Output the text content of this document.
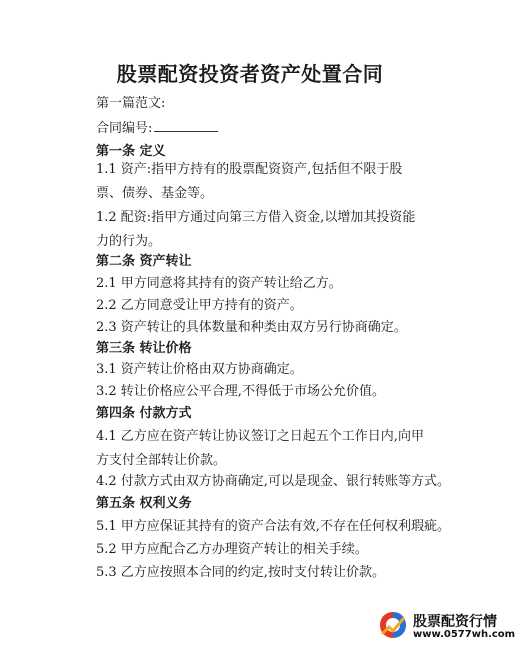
股票配资投资者资产处置合同
第一篇范文:
合同编号:
第一条 定义
1.1 资产:指甲方持有的股票配资资产,包括但不限于股票、债券、基金等。
1.2 配资:指甲方通过向第三方借入资金,以增加其投资能力的行为。
第二条 资产转让
2.1 甲方同意将其持有的资产转让给乙方。
2.2 乙方同意受让甲方持有的资产。
2.3 资产转让的具体数量和种类由双方另行协商确定。
第三条 转让价格
3.1 资产转让价格由双方协商确定。
3.2 转让价格应公平合理,不得低于市场公允价值。
第四条 付款方式
4.1 乙方应在资产转让协议签订之日起五个工作日内,向甲方支付全部转让价款。
4.2 付款方式由双方协商确定,可以是现金、银行转账等方式。
第五条 权利义务
5.1 甲方应保证其持有的资产合法有效,不存在任何权利瑕疵。
5.2 甲方应配合乙方办理资产转让的相关手续。
5.3 乙方应按照本合同的约定,按时支付转让价款。
股票配资行情
www.0577wh.com
